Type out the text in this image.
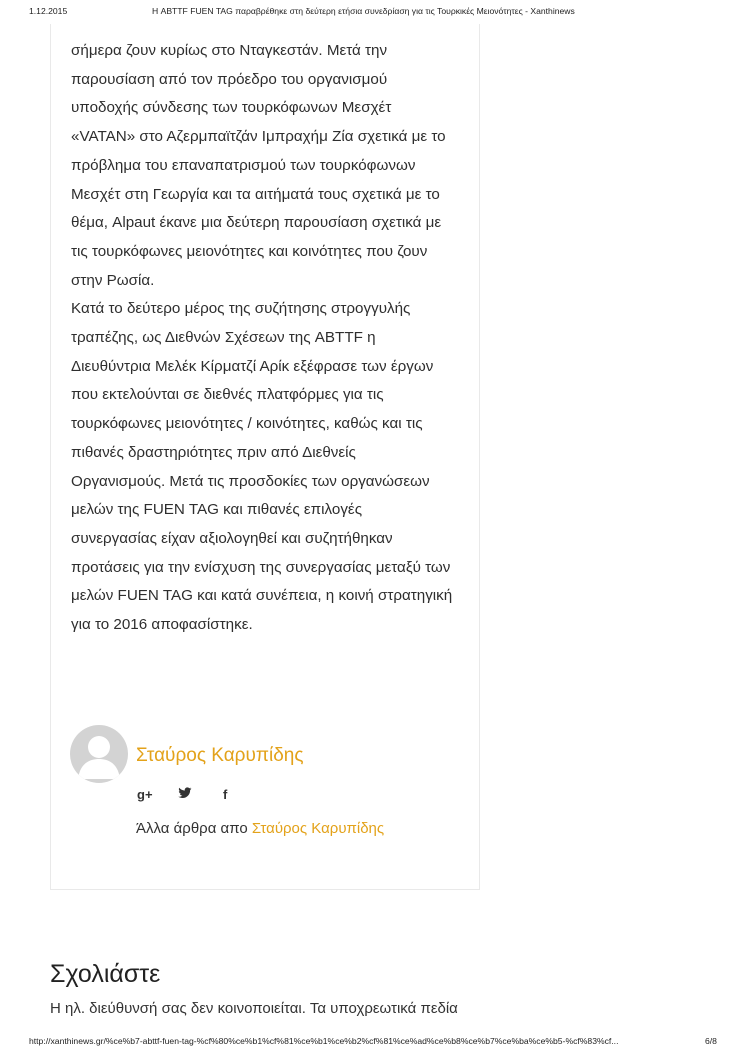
1.12.2015	Η ABTTF FUEN TAG παραβρέθηκε στη δεύτερη ετήσια συνεδρίαση για τις Τουρκικές Μειονότητες - Xanthinews

σήμερα ζουν κυρίως στο Νταγκεστάν. Μετά την

παρουσίαση από τον πρόεδρο του οργανισμού

υποδοχής σύνδεσης των τουρκόφωνων Μεσχέτ

«VATAN» στο Αζερμπαϊτζάν Ιμπραχήμ Ζία σχετικά με το

πρόβλημα του επαναπατρισμού των τουρκόφωνων

Μεσχέτ στη Γεωργία και τα αιτήματά τους σχετικά με το

θέμα, Alpaut έκανε μια δεύτερη παρουσίαση σχετικά με

τις τουρκόφωνες μειονότητες και κοινότητες που ζουν

στην Ρωσία.

Κατά το δεύτερο μέρος της συζήτησης στρογγυλής

τραπέζης, ως Διεθνών Σχέσεων της ABTTF η

Διευθύντρια Μελέκ Κίρματζί Αρίκ εξέφρασε των έργων

που εκτελούνται σε διεθνές πλατφόρμες για τις

τουρκόφωνες μειονότητες / κοινότητες, καθώς και τις

πιθανές δραστηριότητες πριν από Διεθνείς

Οργανισμούς. Μετά τις προσδοκίες των οργανώσεων

μελών της FUEN TAG και πιθανές επιλογές

συνεργασίας είχαν αξιολογηθεί και συζητήθηκαν

προτάσεις για την ενίσχυση της συνεργασίας μεταξύ των

μελών FUEN TAG και κατά συνέπεια, η κοινή στρατηγική

για το 2016 αποφασίστηκε.

Σταύρος Καρυπίδης
g+	f
Άλλα άρθρα απο Σταύρος Καρυπίδης
Σχολιάστε
Η ηλ. διεύθυνσή σας δεν κοινοποιείται. Τα υποχρεωτικά πεδία
http://xanthinews.gr/%ce%b7-abttf-fuen-tag-%cf%80%ce%b1%cf%81%ce%b1%ce%b2%cf%81%ce%ad%ce%b8%ce%b7%ce%ba%ce%b5-%cf%83%cf...	6/8
